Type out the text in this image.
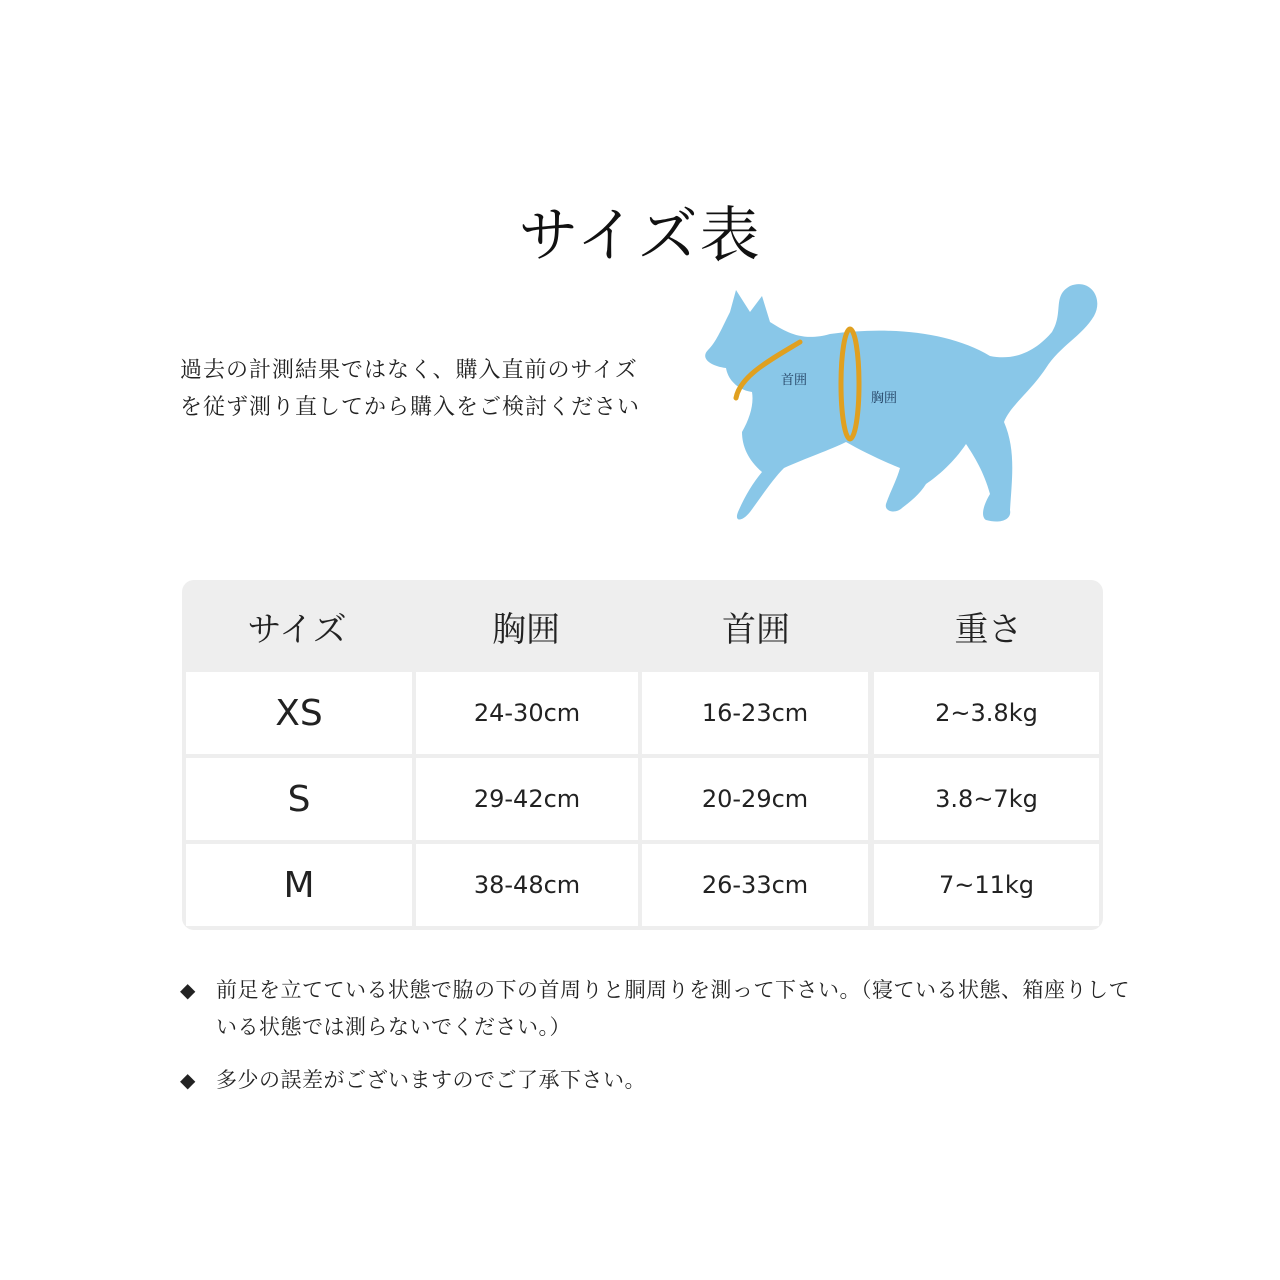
サイズ表
過去の計測結果ではなく、購入直前のサイズを従ず測り直してから購入をご検討ください
首囲
胸囲
サイズ	胸囲	首囲	重さ
XS	24-30cm	16-23cm	2~3.8kg
S	29-42cm	20-29cm	3.8~7kg
M	38-48cm	26-33cm	7~11kg
◆ 前足を立てている状態で脇の下の首周りと胴周りを測って下さい。（寝ている状態、箱座りしている状態では測らないでください。）
◆ 多少の誤差がございますのでご了承下さい。
